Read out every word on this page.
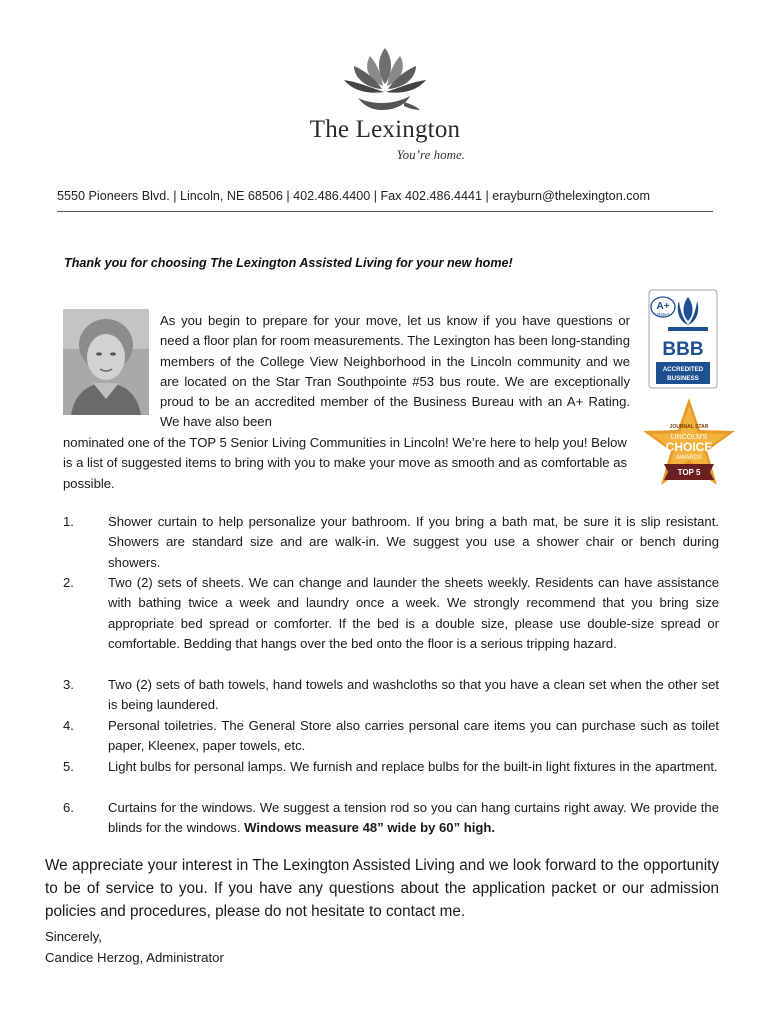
The Lexington
You’re home.
5550 Pioneers Blvd. | Lincoln, NE 68506 | 402.486.4400 | Fax 402.486.4441 | erayburn@thelexington.com
Thank you for choosing The Lexington Assisted Living for your new home!
As you begin to prepare for your move, let us know if you have questions or need a floor plan for room measurements. The Lexington has been long-standing members of the College View Neighborhood in the Lincoln community and we are located on the Star Tran Southpointe #53 bus route. We are exceptionally proud to be an accredited member of the Business Bureau with an A+ Rating. We have also been
nominated one of the TOP 5 Senior Living Communities in Lincoln! We’re here to help you! Below is a list of suggested items to bring with you to make your move as smooth and as comfortable as possible.
A+
Rated
BBB
ACCREDITED
BUSINESS
JOURNAL STAR
LINCOLN'S
CHOICE
AWARDS
TOP 5
1.	Shower curtain to help personalize your bathroom. If you bring a bath mat, be sure it is slip resistant. Showers are standard size and are walk-in. We suggest you use a shower chair or bench during showers.
2.	Two (2) sets of sheets. We can change and launder the sheets weekly. Residents can have assistance with bathing twice a week and laundry once a week. We strongly recommend that you bring size appropriate bed spread or comforter. If the bed is a double size, please use double-size spread or comfortable. Bedding that hangs over the bed onto the floor is a serious tripping hazard.
3.	Two (2) sets of bath towels, hand towels and washcloths so that you have a clean set when the other set is being laundered.
4.	Personal toiletries. The General Store also carries personal care items you can purchase such as toilet paper, Kleenex, paper towels, etc.
5.	Light bulbs for personal lamps. We furnish and replace bulbs for the built-in light fixtures in the apartment.
6.	Curtains for the windows. We suggest a tension rod so you can hang curtains right away. We provide the blinds for the windows. Windows measure 48” wide by 60” high.
We appreciate your interest in The Lexington Assisted Living and we look forward to the opportunity to be of service to you. If you have any questions about the application packet or our admission policies and procedures, please do not hesitate to contact me.
Sincerely,
Candice Herzog, Administrator
